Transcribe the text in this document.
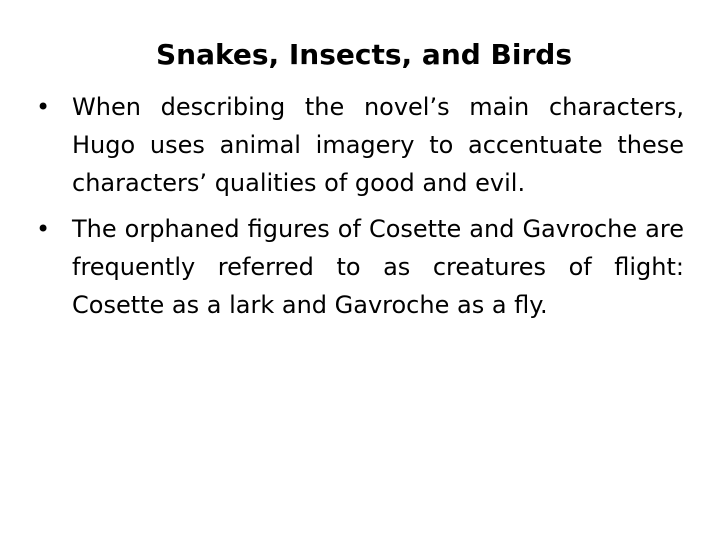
Snakes, Insects, and Birds
• When describing the novel’s main characters, Hugo uses animal imagery to accentuate these characters’ qualities of good and evil.
• The orphaned figures of Cosette and Gavroche are frequently referred to as creatures of flight: Cosette as a lark and Gavroche as a fly.
